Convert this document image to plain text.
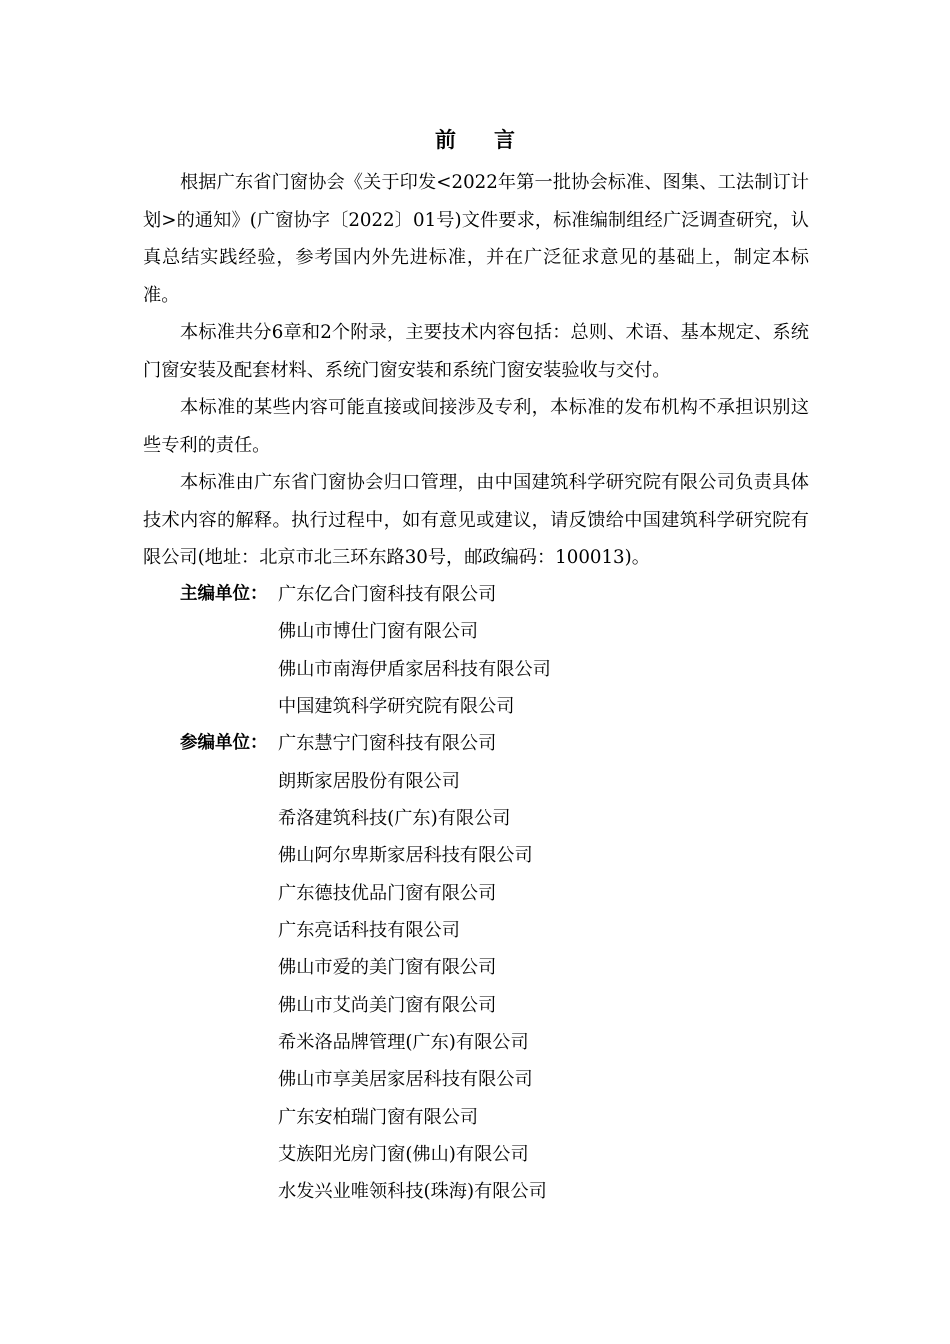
前言

根据广东省门窗协会《关于印发<2022年第一批协会标准、图集、工法制订计划>的通知》(广窗协字〔2022〕01号)文件要求，标准编制组经广泛调查研究，认真总结实践经验，参考国内外先进标准，并在广泛征求意见的基础上，制定本标准。

本标准共分6章和2个附录，主要技术内容包括：总则、术语、基本规定、系统门窗安装及配套材料、系统门窗安装和系统门窗安装验收与交付。

本标准的某些内容可能直接或间接涉及专利，本标准的发布机构不承担识别这些专利的责任。

本标准由广东省门窗协会归口管理，由中国建筑科学研究院有限公司负责具体技术内容的解释。执行过程中，如有意见或建议，请反馈给中国建筑科学研究院有限公司(地址：北京市北三环东路30号，邮政编码：100013)。

主编单位： 广东亿合门窗科技有限公司
佛山市博仕门窗有限公司
佛山市南海伊盾家居科技有限公司
中国建筑科学研究院有限公司
参编单位： 广东慧宁门窗科技有限公司
朗斯家居股份有限公司
希洛建筑科技(广东)有限公司
佛山阿尔卑斯家居科技有限公司
广东德技优品门窗有限公司
广东亮话科技有限公司
佛山市爱的美门窗有限公司
佛山市艾尚美门窗有限公司
希米洛品牌管理(广东)有限公司
佛山市享美居家居科技有限公司
广东安柏瑞门窗有限公司
艾族阳光房门窗(佛山)有限公司
水发兴业唯领科技(珠海)有限公司
